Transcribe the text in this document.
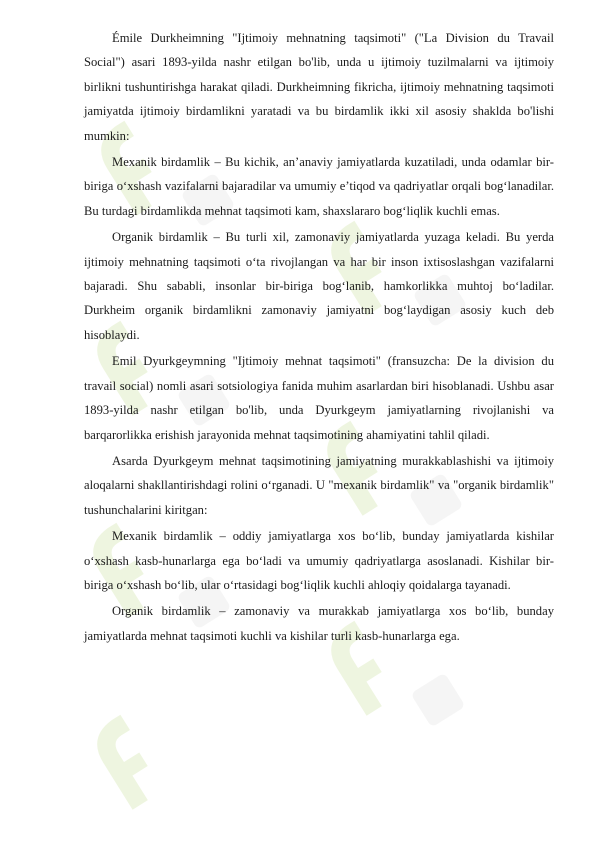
Émile Durkheimning "Ijtimoiy mehnatning taqsimoti" ("La Division du Travail Social") asari 1893-yilda nashr etilgan bo'lib, unda u ijtimoiy tuzilmalarni va ijtimoiy birlikni tushuntirishga harakat qiladi. Durkheimning fikricha, ijtimoiy mehnatning taqsimoti jamiyatda ijtimoiy birdamlikni yaratadi va bu birdamlik ikki xil asosiy shaklda bo'lishi mumkin:

Mexanik birdamlik – Bu kichik, an’anaviy jamiyatlarda kuzatiladi, unda odamlar bir-biriga o‘xshash vazifalarni bajaradilar va umumiy e’tiqod va qadriyatlar orqali bog‘lanadilar. Bu turdagi birdamlikda mehnat taqsimoti kam, shaxslararo bog‘liqlik kuchli emas.

Organik birdamlik – Bu turli xil, zamonaviy jamiyatlarda yuzaga keladi. Bu yerda ijtimoiy mehnatning taqsimoti o‘ta rivojlangan va har bir inson ixtisoslashgan vazifalarni bajaradi. Shu sababli, insonlar bir-biriga bog‘lanib, hamkorlikka muhtoj bo‘ladilar. Durkheim organik birdamlikni zamonaviy jamiyatni bog‘laydigan asosiy kuch deb hisoblaydi.

Emil Dyurkgeymning "Ijtimoiy mehnat taqsimoti" (fransuzcha: De la division du travail social) nomli asari sotsiologiya fanida muhim asarlardan biri hisoblanadi. Ushbu asar 1893-yilda nashr etilgan bo'lib, unda Dyurkgeym jamiyatlarning rivojlanishi va barqarorlikka erishish jarayonida mehnat taqsimotining ahamiyatini tahlil qiladi.

Asarda Dyurkgeym mehnat taqsimotining jamiyatning murakkablashishi va ijtimoiy aloqalarni shakllantirishdagi rolini o‘rganadi. U "mexanik birdamlik" va "organik birdamlik" tushunchalarini kiritgan:

Mexanik birdamlik – oddiy jamiyatlarga xos bo‘lib, bunday jamiyatlarda kishilar o‘xshash kasb-hunarlarga ega bo‘ladi va umumiy qadriyatlarga asoslanadi. Kishilar bir-biriga o‘xshash bo‘lib, ular o‘rtasidagi bog‘liqlik kuchli ahloqiy qoidalarga tayanadi.

Organik birdamlik – zamonaviy va murakkab jamiyatlarga xos bo‘lib, bunday jamiyatlarda mehnat taqsimoti kuchli va kishilar turli kasb-hunarlarga ega.
